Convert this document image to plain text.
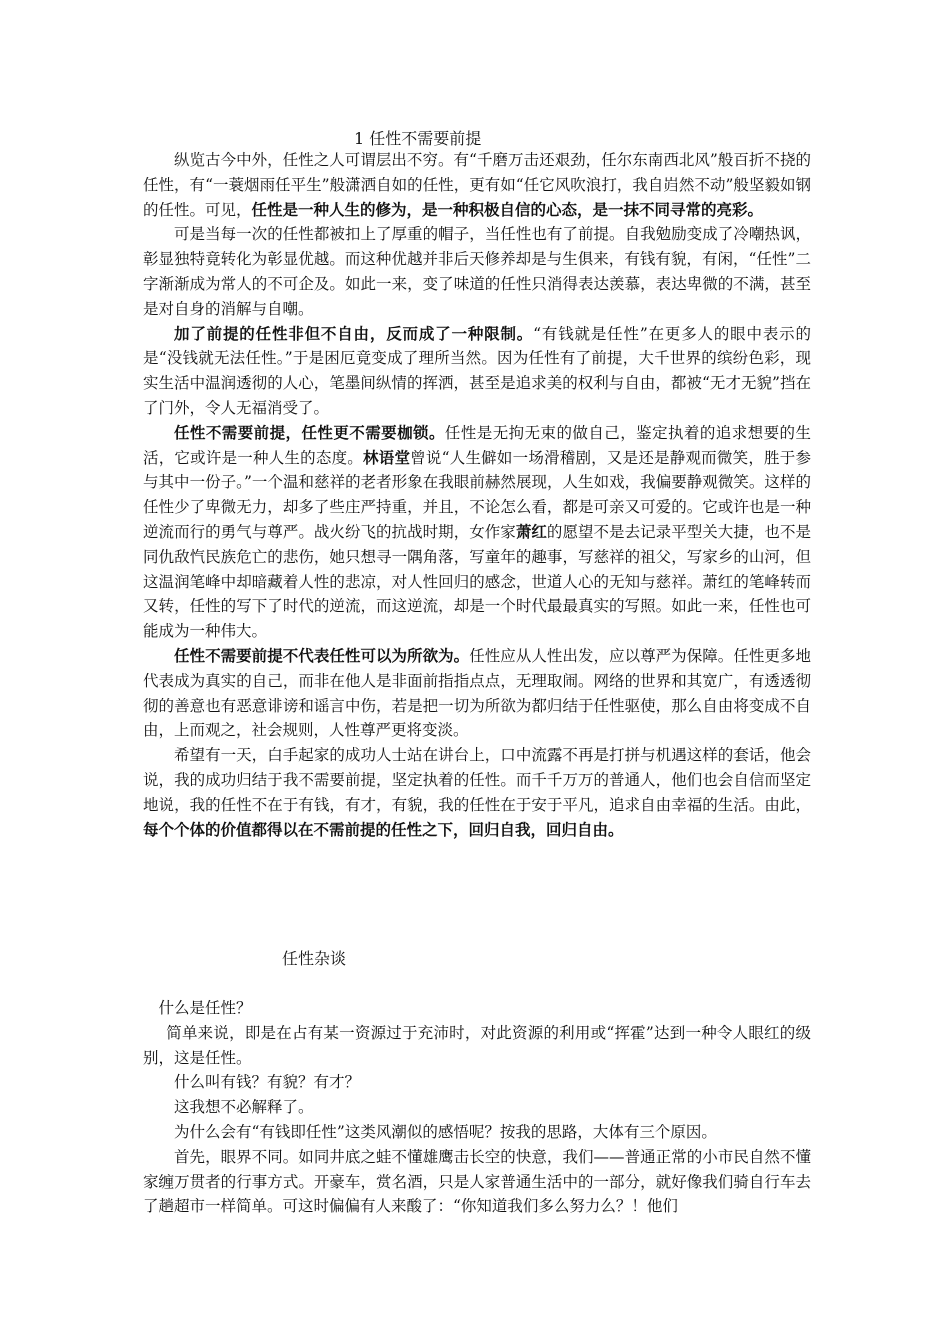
1 任性不需要前提

纵览古今中外，任性之人可谓层出不穷。有“千磨万击还艰劲，任尔东南西北风”般百折不挠的任性，有“一蓑烟雨任平生”般潇洒自如的任性，更有如“任它风吹浪打，我自岿然不动”般坚毅如钢的任性。可见，任性是一种人生的修为，是一种积极自信的心态，是一抹不同寻常的亮彩。

可是当每一次的任性都被扣上了厚重的帽子，当任性也有了前提。自我勉励变成了冷嘲热讽，彰显独特竟转化为彰显优越。而这种优越并非后天修养却是与生俱来，有钱有貌，有闲，“任性”二字渐渐成为常人的不可企及。如此一来，变了味道的任性只消得表达羡慕，表达卑微的不满，甚至是对自身的消解与自嘲。

加了前提的任性非但不自由，反而成了一种限制。“有钱就是任性”在更多人的眼中表示的是“没钱就无法任性。”于是困厄竟变成了理所当然。因为任性有了前提，大千世界的缤纷色彩，现实生活中温润透彻的人心，笔墨间纵情的挥洒，甚至是追求美的权利与自由，都被“无才无貌”挡在了门外，令人无福消受了。

任性不需要前提，任性更不需要枷锁。任性是无拘无束的做自己，鉴定执着的追求想要的生活，它或许是一种人生的态度。林语堂曾说“人生僻如一场滑稽剧，又是还是静观而微笑，胜于参与其中一份子。”一个温和慈祥的老者形象在我眼前赫然展现，人生如戏，我偏要静观微笑。这样的任性少了卑微无力，却多了些庄严持重，并且，不论怎么看，都是可亲又可爱的。它或许也是一种逆流而行的勇气与尊严。战火纷飞的抗战时期，女作家萧红的愿望不是去记录平型关大捷，也不是同仇敌忾民族危亡的悲伤，她只想寻一隅角落，写童年的趣事，写慈祥的祖父，写家乡的山河，但这温润笔峰中却暗藏着人性的悲凉，对人性回归的感念，世道人心的无知与慈祥。萧红的笔峰转而又转，任性的写下了时代的逆流，而这逆流，却是一个时代最最真实的写照。如此一来，任性也可能成为一种伟大。

任性不需要前提不代表任性可以为所欲为。任性应从人性出发，应以尊严为保障。任性更多地代表成为真实的自己，而非在他人是非面前指指点点，无理取闹。网络的世界和其宽广，有透透彻彻的善意也有恶意诽谤和谣言中伤，若是把一切为所欲为都归结于任性驱使，那么自由将变成不自由，上而观之，社会规则，人性尊严更将变淡。

希望有一天，白手起家的成功人士站在讲台上，口中流露不再是打拼与机遇这样的套话，他会说，我的成功归结于我不需要前提，坚定执着的任性。而千千万万的普通人，他们也会自信而坚定地说，我的任性不在于有钱，有才，有貌，我的任性在于安于平凡，追求自由幸福的生活。由此，每个个体的价值都得以在不需前提的任性之下，回归自我，回归自由。

任性杂谈

什么是任性？

简单来说，即是在占有某一资源过于充沛时，对此资源的利用或“挥霍”达到一种令人眼红的级别，这是任性。

什么叫有钱？有貌？有才？

这我想不必解释了。

为什么会有“有钱即任性”这类风潮似的感悟呢？按我的思路，大体有三个原因。

首先，眼界不同。如同井底之蛙不懂雄鹰击长空的快意，我们——普通正常的小市民自然不懂家缠万贯者的行事方式。开豪车，赏名酒，只是人家普通生活中的一部分，就好像我们骑自行车去了趟超市一样简单。可这时偏偏有人来酸了：“你知道我们多么努力么？！他们
